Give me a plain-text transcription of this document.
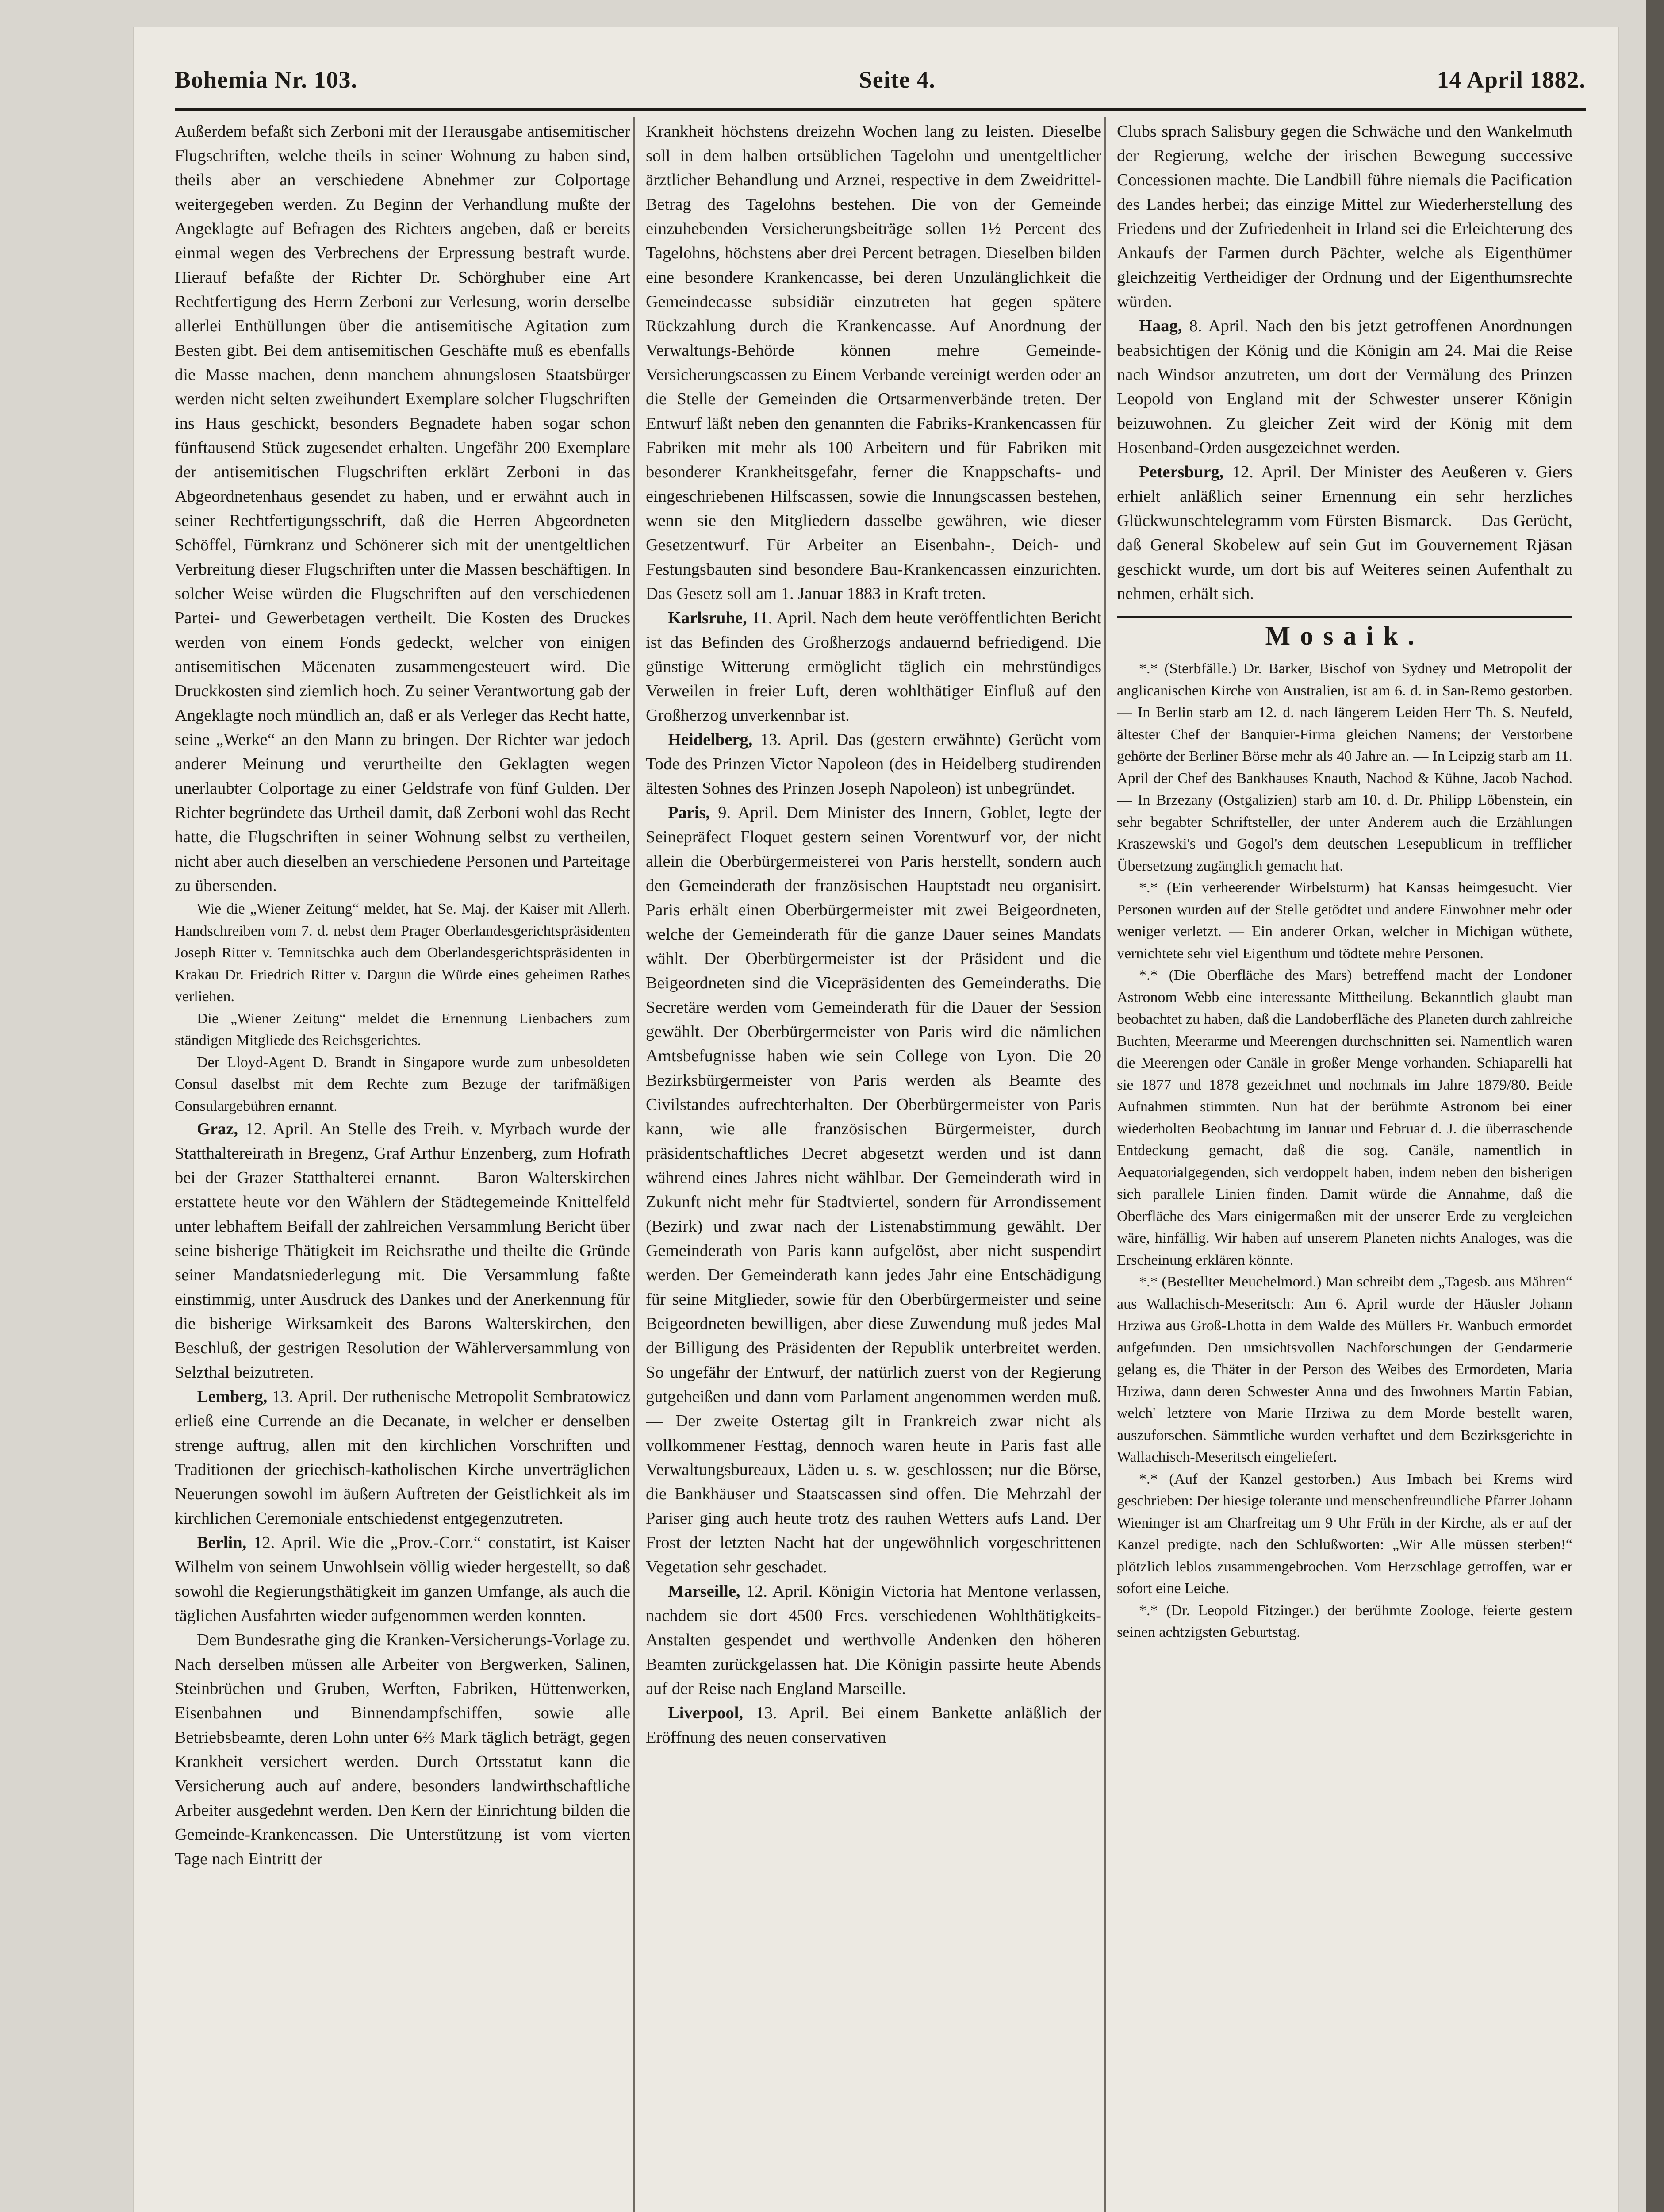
Bohemia Nr. 103.	Seite 4.	14 April 1882.

Außerdem befaßt sich Zerboni mit der Herausgabe antisemitischer Flugschriften, welche theils in seiner Wohnung zu haben sind, theils aber an verschiedene Abnehmer zur Colportage weitergegeben werden. Zu Beginn der Verhandlung mußte der Angeklagte auf Befragen des Richters angeben, daß er bereits einmal wegen des Verbrechens der Erpressung bestraft wurde. Hierauf befaßte der Richter Dr. Schörghuber eine Art Rechtfertigung des Herrn Zerboni zur Verlesung, worin derselbe allerlei Enthüllungen über die antisemitische Agitation zum Besten gibt. Bei dem antisemitischen Geschäfte muß es ebenfalls die Masse machen, denn manchem ahnungslosen Staatsbürger werden nicht selten zweihundert Exemplare solcher Flugschriften ins Haus geschickt, besonders Begnadete haben sogar schon fünftausend Stück zugesendet erhalten. Ungefähr 200 Exemplare der antisemitischen Flugschriften erklärt Zerboni in das Abgeordnetenhaus gesendet zu haben, und er erwähnt auch in seiner Rechtfertigungsschrift, daß die Herren Abgeordneten Schöffel, Fürnkranz und Schönerer sich mit der unentgeltlichen Verbreitung dieser Flugschriften unter die Massen beschäftigen. In solcher Weise würden die Flugschriften auf den verschiedenen Partei- und Gewerbetagen vertheilt. Die Kosten des Druckes werden von einem Fonds gedeckt, welcher von einigen antisemitischen Mäcenaten zusammengesteuert wird. Die Druckkosten sind ziemlich hoch. Zu seiner Verantwortung gab der Angeklagte noch mündlich an, daß er als Verleger das Recht hatte, seine „Werke“ an den Mann zu bringen. Der Richter war jedoch anderer Meinung und verurtheilte den Geklagten wegen unerlaubter Colportage zu einer Geldstrafe von fünf Gulden. Der Richter begründete das Urtheil damit, daß Zerboni wohl das Recht hatte, die Flugschriften in seiner Wohnung selbst zu vertheilen, nicht aber auch dieselben an verschiedene Personen und Parteitage zu übersenden.

Wie die „Wiener Zeitung“ meldet, hat Se. Maj. der Kaiser mit Allerh. Handschreiben vom 7. d. nebst dem Prager Oberlandesgerichtspräsidenten Joseph Ritter v. Temnitschka auch dem Oberlandesgerichtspräsidenten in Krakau Dr. Friedrich Ritter v. Dargun die Würde eines geheimen Rathes verliehen.

Die „Wiener Zeitung“ meldet die Ernennung Lienbachers zum ständigen Mitgliede des Reichsgerichtes.

Der Lloyd-Agent D. Brandt in Singapore wurde zum unbesoldeten Consul daselbst mit dem Rechte zum Bezuge der tarifmäßigen Consulargebühren ernannt.

Graz, 12. April. An Stelle des Freih. v. Myrbach wurde der Statthaltereirath in Bregenz, Graf Arthur Enzenberg, zum Hofrath bei der Grazer Statthalterei ernannt. — Baron Walterskirchen erstattete heute vor den Wählern der Städtegemeinde Knittelfeld unter lebhaftem Beifall der zahlreichen Versammlung Bericht über seine bisherige Thätigkeit im Reichsrathe und theilte die Gründe seiner Mandatsniederlegung mit. Die Versammlung faßte einstimmig, unter Ausdruck des Dankes und der Anerkennung für die bisherige Wirksamkeit des Barons Walterskirchen, den Beschluß, der gestrigen Resolution der Wählerversammlung von Selzthal beizutreten.

Lemberg, 13. April. Der ruthenische Metropolit Sembratowicz erließ eine Currende an die Decanate, in welcher er denselben strenge auftrug, allen mit den kirchlichen Vorschriften und Traditionen der griechisch-katholischen Kirche unverträglichen Neuerungen sowohl im äußern Auftreten der Geistlichkeit als im kirchlichen Ceremoniale entschiedenst entgegenzutreten.

Berlin, 12. April. Wie die „Prov.-Corr.“ constatirt, ist Kaiser Wilhelm von seinem Unwohlsein völlig wieder hergestellt, so daß sowohl die Regierungsthätigkeit im ganzen Umfange, als auch die täglichen Ausfahrten wieder aufgenommen werden konnten.

Dem Bundesrathe ging die Kranken-Versicherungs-Vorlage zu. Nach derselben müssen alle Arbeiter von Bergwerken, Salinen, Steinbrüchen und Gruben, Werften, Fabriken, Hüttenwerken, Eisenbahnen und Binnendampfschiffen, sowie alle Betriebsbeamte, deren Lohn unter 6⅔ Mark täglich beträgt, gegen Krankheit versichert werden. Durch Ortsstatut kann die Versicherung auch auf andere, besonders landwirthschaftliche Arbeiter ausgedehnt werden. Den Kern der Einrichtung bilden die Gemeinde-Krankencassen. Die Unterstützung ist vom vierten Tage nach Eintritt der

Krankheit höchstens dreizehn Wochen lang zu leisten. Dieselbe soll in dem halben ortsüblichen Tagelohn und unentgeltlicher ärztlicher Behandlung und Arznei, respective in dem Zweidrittel-Betrag des Tagelohns bestehen. Die von der Gemeinde einzuhebenden Versicherungsbeiträge sollen 1½ Percent des Tagelohns, höchstens aber drei Percent betragen. Dieselben bilden eine besondere Krankencasse, bei deren Unzulänglichkeit die Gemeindecasse subsidiär einzutreten hat gegen spätere Rückzahlung durch die Krankencasse. Auf Anordnung der Verwaltungs-Behörde können mehre Gemeinde-Versicherungscassen zu Einem Verbande vereinigt werden oder an die Stelle der Gemeinden die Ortsarmenverbände treten. Der Entwurf läßt neben den genannten die Fabriks-Krankencassen für Fabriken mit mehr als 100 Arbeitern und für Fabriken mit besonderer Krankheitsgefahr, ferner die Knappschafts- und eingeschriebenen Hilfscassen, sowie die Innungscassen bestehen, wenn sie den Mitgliedern dasselbe gewähren, wie dieser Gesetzentwurf. Für Arbeiter an Eisenbahn-, Deich- und Festungsbauten sind besondere Bau-Krankencassen einzurichten. Das Gesetz soll am 1. Januar 1883 in Kraft treten.

Karlsruhe, 11. April. Nach dem heute veröffentlichten Bericht ist das Befinden des Großherzogs andauernd befriedigend. Die günstige Witterung ermöglicht täglich ein mehrstündiges Verweilen in freier Luft, deren wohlthätiger Einfluß auf den Großherzog unverkennbar ist.

Heidelberg, 13. April. Das (gestern erwähnte) Gerücht vom Tode des Prinzen Victor Napoleon (des in Heidelberg studirenden ältesten Sohnes des Prinzen Joseph Napoleon) ist unbegründet.

Paris, 9. April. Dem Minister des Innern, Goblet, legte der Seinepräfect Floquet gestern seinen Vorentwurf vor, der nicht allein die Oberbürgermeisterei von Paris herstellt, sondern auch den Gemeinderath der französischen Hauptstadt neu organisirt. Paris erhält einen Oberbürgermeister mit zwei Beigeordneten, welche der Gemeinderath für die ganze Dauer seines Mandats wählt. Der Oberbürgermeister ist der Präsident und die Beigeordneten sind die Vicepräsidenten des Gemeinderaths. Die Secretäre werden vom Gemeinderath für die Dauer der Session gewählt. Der Oberbürgermeister von Paris wird die nämlichen Amtsbefugnisse haben wie sein College von Lyon. Die 20 Bezirksbürgermeister von Paris werden als Beamte des Civilstandes aufrechterhalten. Der Oberbürgermeister von Paris kann, wie alle französischen Bürgermeister, durch präsidentschaftliches Decret abgesetzt werden und ist dann während eines Jahres nicht wählbar. Der Gemeinderath wird in Zukunft nicht mehr für Stadtviertel, sondern für Arrondissement (Bezirk) und zwar nach der Listenabstimmung gewählt. Der Gemeinderath von Paris kann aufgelöst, aber nicht suspendirt werden. Der Gemeinderath kann jedes Jahr eine Entschädigung für seine Mitglieder, sowie für den Oberbürgermeister und seine Beigeordneten bewilligen, aber diese Zuwendung muß jedes Mal der Billigung des Präsidenten der Republik unterbreitet werden. So ungefähr der Entwurf, der natürlich zuerst von der Regierung gutgeheißen und dann vom Parlament angenommen werden muß. — Der zweite Ostertag gilt in Frankreich zwar nicht als vollkommener Festtag, dennoch waren heute in Paris fast alle Verwaltungsbureaux, Läden u. s. w. geschlossen; nur die Börse, die Bankhäuser und Staatscassen sind offen. Die Mehrzahl der Pariser ging auch heute trotz des rauhen Wetters aufs Land. Der Frost der letzten Nacht hat der ungewöhnlich vorgeschrittenen Vegetation sehr geschadet.

Marseille, 12. April. Königin Victoria hat Mentone verlassen, nachdem sie dort 4500 Frcs. verschiedenen Wohlthätigkeits-Anstalten gespendet und werthvolle Andenken den höheren Beamten zurückgelassen hat. Die Königin passirte heute Abends auf der Reise nach England Marseille.

Liverpool, 13. April. Bei einem Bankette anläßlich der Eröffnung des neuen conservativen

Clubs sprach Salisbury gegen die Schwäche und den Wankelmuth der Regierung, welche der irischen Bewegung successive Concessionen machte. Die Landbill führe niemals die Pacification des Landes herbei; das einzige Mittel zur Wiederherstellung des Friedens und der Zufriedenheit in Irland sei die Erleichterung des Ankaufs der Farmen durch Pächter, welche als Eigenthümer gleichzeitig Vertheidiger der Ordnung und der Eigenthumsrechte würden.

Haag, 8. April. Nach den bis jetzt getroffenen Anordnungen beabsichtigen der König und die Königin am 24. Mai die Reise nach Windsor anzutreten, um dort der Vermälung des Prinzen Leopold von England mit der Schwester unserer Königin beizuwohnen. Zu gleicher Zeit wird der König mit dem Hosenband-Orden ausgezeichnet werden.

Petersburg, 12. April. Der Minister des Aeußeren v. Giers erhielt anläßlich seiner Ernennung ein sehr herzliches Glückwunschtelegramm vom Fürsten Bismarck. — Das Gerücht, daß General Skobelew auf sein Gut im Gouvernement Rjäsan geschickt wurde, um dort bis auf Weiteres seinen Aufenthalt zu nehmen, erhält sich.

Mosaik.

*.* (Sterbfälle.) Dr. Barker, Bischof von Sydney und Metropolit der anglicanischen Kirche von Australien, ist am 6. d. in San-Remo gestorben. — In Berlin starb am 12. d. nach längerem Leiden Herr Th. S. Neufeld, ältester Chef der Banquier-Firma gleichen Namens; der Verstorbene gehörte der Berliner Börse mehr als 40 Jahre an. — In Leipzig starb am 11. April der Chef des Bankhauses Knauth, Nachod & Kühne, Jacob Nachod. — In Brzezany (Ostgalizien) starb am 10. d. Dr. Philipp Löbenstein, ein sehr begabter Schriftsteller, der unter Anderem auch die Erzählungen Kraszewski's und Gogol's dem deutschen Lesepublicum in trefflicher Übersetzung zugänglich gemacht hat.

*.* (Ein verheerender Wirbelsturm) hat Kansas heimgesucht. Vier Personen wurden auf der Stelle getödtet und andere Einwohner mehr oder weniger verletzt. — Ein anderer Orkan, welcher in Michigan wüthete, vernichtete sehr viel Eigenthum und tödtete mehre Personen.

*.* (Die Oberfläche des Mars) betreffend macht der Londoner Astronom Webb eine interessante Mittheilung. Bekanntlich glaubt man beobachtet zu haben, daß die Landoberfläche des Planeten durch zahlreiche Buchten, Meerarme und Meerengen durchschnitten sei. Namentlich waren die Meerengen oder Canäle in großer Menge vorhanden. Schiaparelli hat sie 1877 und 1878 gezeichnet und nochmals im Jahre 1879/80. Beide Aufnahmen stimmten. Nun hat der berühmte Astronom bei einer wiederholten Beobachtung im Januar und Februar d. J. die überraschende Entdeckung gemacht, daß die sog. Canäle, namentlich in Aequatorialgegenden, sich verdoppelt haben, indem neben den bisherigen sich parallele Linien finden. Damit würde die Annahme, daß die Oberfläche des Mars einigermaßen mit der unserer Erde zu vergleichen wäre, hinfällig. Wir haben auf unserem Planeten nichts Analoges, was die Erscheinung erklären könnte.

*.* (Bestellter Meuchelmord.) Man schreibt dem „Tagesb. aus Mähren“ aus Wallachisch-Meseritsch: Am 6. April wurde der Häusler Johann Hrziwa aus Groß-Lhotta in dem Walde des Müllers Fr. Wanbuch ermordet aufgefunden. Den umsichtsvollen Nachforschungen der Gendarmerie gelang es, die Thäter in der Person des Weibes des Ermordeten, Maria Hrziwa, dann deren Schwester Anna und des Inwohners Martin Fabian, welch' letztere von Marie Hrziwa zu dem Morde bestellt waren, auszuforschen. Sämmtliche wurden verhaftet und dem Bezirksgerichte in Wallachisch-Meseritsch eingeliefert.

*.* (Auf der Kanzel gestorben.) Aus Imbach bei Krems wird geschrieben: Der hiesige tolerante und menschenfreundliche Pfarrer Johann Wieninger ist am Charfreitag um 9 Uhr Früh in der Kirche, als er auf der Kanzel predigte, nach den Schlußworten: „Wir Alle müssen sterben!“ plötzlich leblos zusammengebrochen. Vom Herzschlage getroffen, war er sofort eine Leiche.

*.* (Dr. Leopold Fitzinger.) der berühmte Zoologe, feierte gestern seinen achtzigsten Geburtstag.
